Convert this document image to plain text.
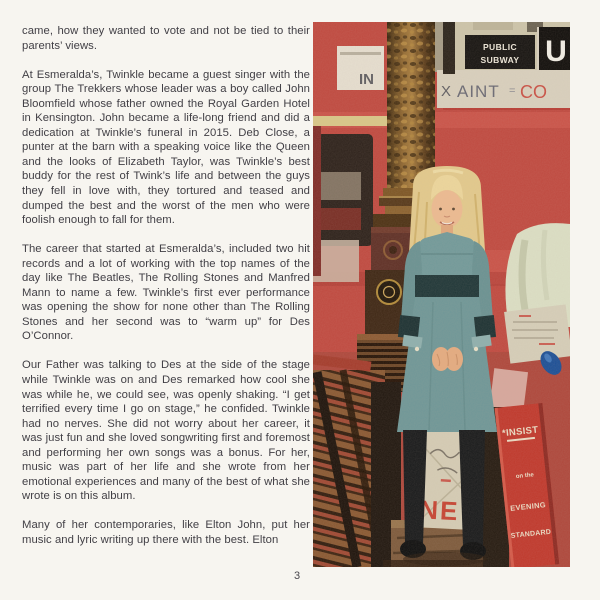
came, how they wanted to vote and not be tied to their parents’ views.

At Esmeralda’s, Twinkle became a guest singer with the group The Trekkers whose leader was a boy called John Bloomfield whose father owned the Royal Garden Hotel in Kensington. John became a life-long friend and did a dedication at Twinkle’s funeral in 2015. Deb Close, a punter at the barn with a speaking voice like the Queen and the looks of Elizabeth Taylor, was Twinkle’s best buddy for the rest of Twink’s life and between the guys they fell in love with, they tortured and teased and dumped the best and the worst of the men who were foolish enough to fall for them.

The career that started at Esmeralda’s, included two hit records and a lot of working with the top names of the day like The Beatles, The Rolling Stones and Manfred Mann to name a few. Twinkle’s first ever performance was opening the show for none other than The Rolling Stones and her second was to “warm up” for Des O’Connor.

Our Father was talking to Des at the side of the stage while Twinkle was on and Des remarked how cool she was while he, we could see, was openly shaking. “I get terrified every time I go on stage,” he confided. Twinkle had no nerves. She did not worry about her career, it was just fun and she loved songwriting first and foremost and performing her own songs was a bonus. For her, music was part of her life and she wrote from her emotional experiences and many of the best of what she wrote is on this album.

Many of her contemporaries, like Elton John, put her music and lyric writing up there with the best. Elton

3
